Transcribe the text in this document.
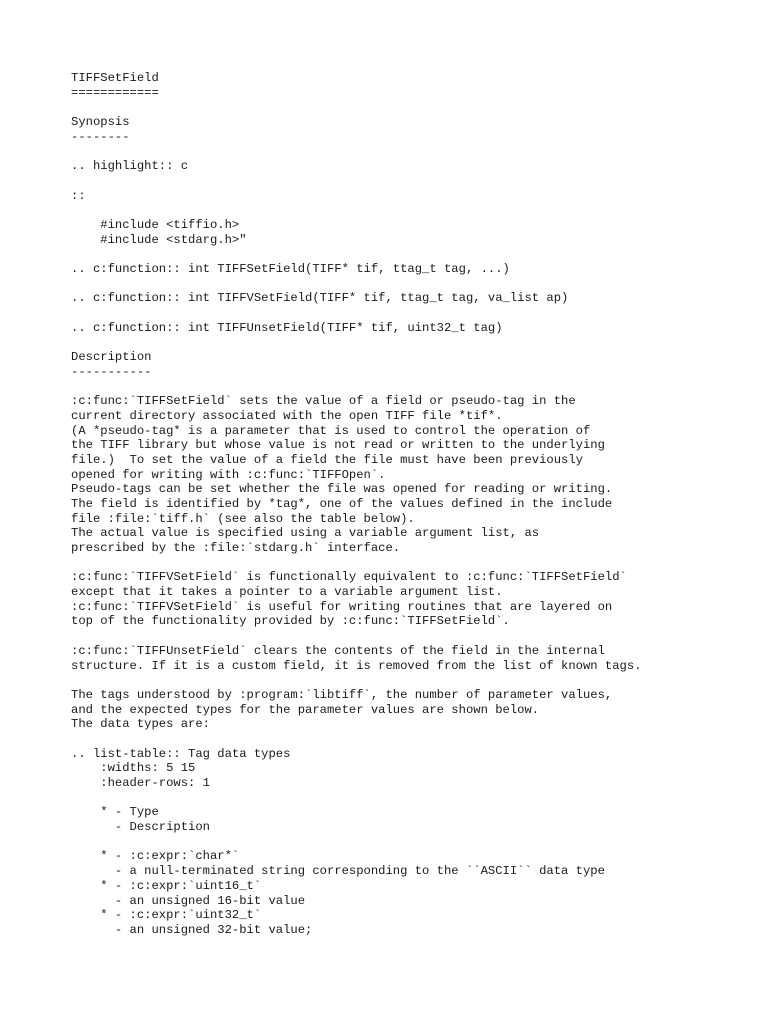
TIFFSetField
============
Synopsis
--------
.. highlight:: c
::
#include <tiffio.h>
#include <stdarg.h>"
.. c:function:: int TIFFSetField(TIFF* tif, ttag_t tag, ...)
.. c:function:: int TIFFVSetField(TIFF* tif, ttag_t tag, va_list ap)
.. c:function:: int TIFFUnsetField(TIFF* tif, uint32_t tag)
Description
-----------
:c:func:`TIFFSetField` sets the value of a field or pseudo-tag in the
current directory associated with the open TIFF file *tif*.
(A *pseudo-tag* is a parameter that is used to control the operation of
the TIFF library but whose value is not read or written to the underlying
file.)  To set the value of a field the file must have been previously
opened for writing with :c:func:`TIFFOpen`.
Pseudo-tags can be set whether the file was opened for reading or writing.
The field is identified by *tag*, one of the values defined in the include
file :file:`tiff.h` (see also the table below).
The actual value is specified using a variable argument list, as
prescribed by the :file:`stdarg.h` interface.
:c:func:`TIFFVSetField` is functionally equivalent to :c:func:`TIFFSetField`
except that it takes a pointer to a variable argument list.
:c:func:`TIFFVSetField` is useful for writing routines that are layered on
top of the functionality provided by :c:func:`TIFFSetField`.
:c:func:`TIFFUnsetField` clears the contents of the field in the internal
structure. If it is a custom field, it is removed from the list of known tags.
The tags understood by :program:`libtiff`, the number of parameter values,
and the expected types for the parameter values are shown below.
The data types are:
.. list-table:: Tag data types
:widths: 5 15
:header-rows: 1
* - Type
- Description
* - :c:expr:`char*`
- a null-terminated string corresponding to the ``ASCII`` data type
* - :c:expr:`uint16_t`
- an unsigned 16-bit value
* - :c:expr:`uint32_t`
- an unsigned 32-bit value;
